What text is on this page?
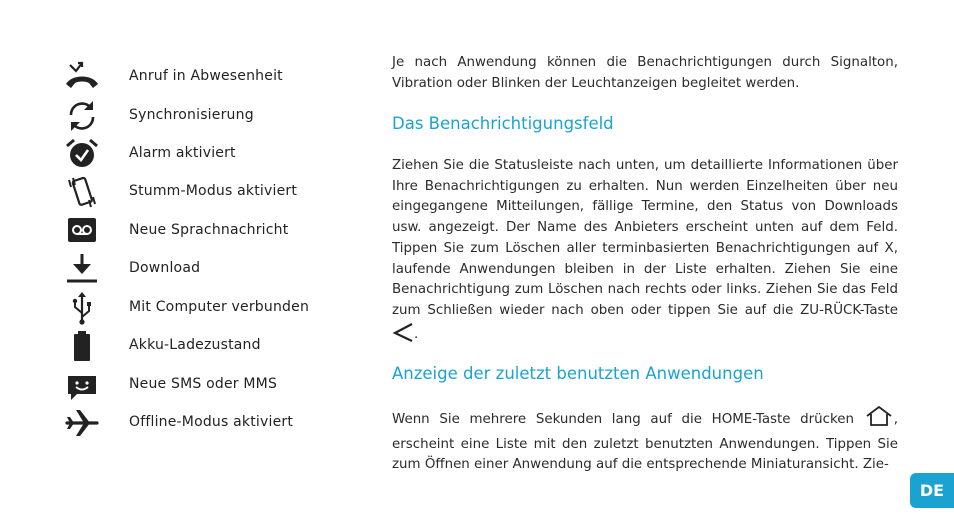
Anruf in Abwesenheit
Synchronisierung
Alarm aktiviert
Stumm-Modus aktiviert
Neue Sprachnachricht
Download
Mit Computer verbunden
Akku-Ladezustand
Neue SMS oder MMS
Offline-Modus aktiviert

Je nach Anwendung können die Benachrichtigungen durch Signalton, Vibration oder Blinken der Leuchtanzeigen begleitet werden.

Das Benachrichtigungsfeld

Ziehen Sie die Statusleiste nach unten, um detaillierte Informationen über Ihre Benachrichtigungen zu erhalten. Nun werden Einzelheiten über neu eingegangene Mitteilungen, fällige Termine, den Status von Downloads usw. angezeigt. Der Name des Anbieters erscheint unten auf dem Feld. Tippen Sie zum Löschen aller terminbasierten Benachrichtigungen auf X, laufende Anwendungen bleiben in der Liste erhalten. Ziehen Sie eine Benachrichtigung zum Löschen nach rechts oder links. Ziehen Sie das Feld zum Schließen wieder nach oben oder tippen Sie auf die ZU-RÜCK-Taste .

Anzeige der zuletzt benutzten Anwendungen

Wenn Sie mehrere Sekunden lang auf die HOME-Taste drücken	, erscheint eine Liste mit den zuletzt benutzten Anwendungen. Tippen Sie zum Öffnen einer Anwendung auf die entsprechende Miniaturansicht. Zie-

DE
